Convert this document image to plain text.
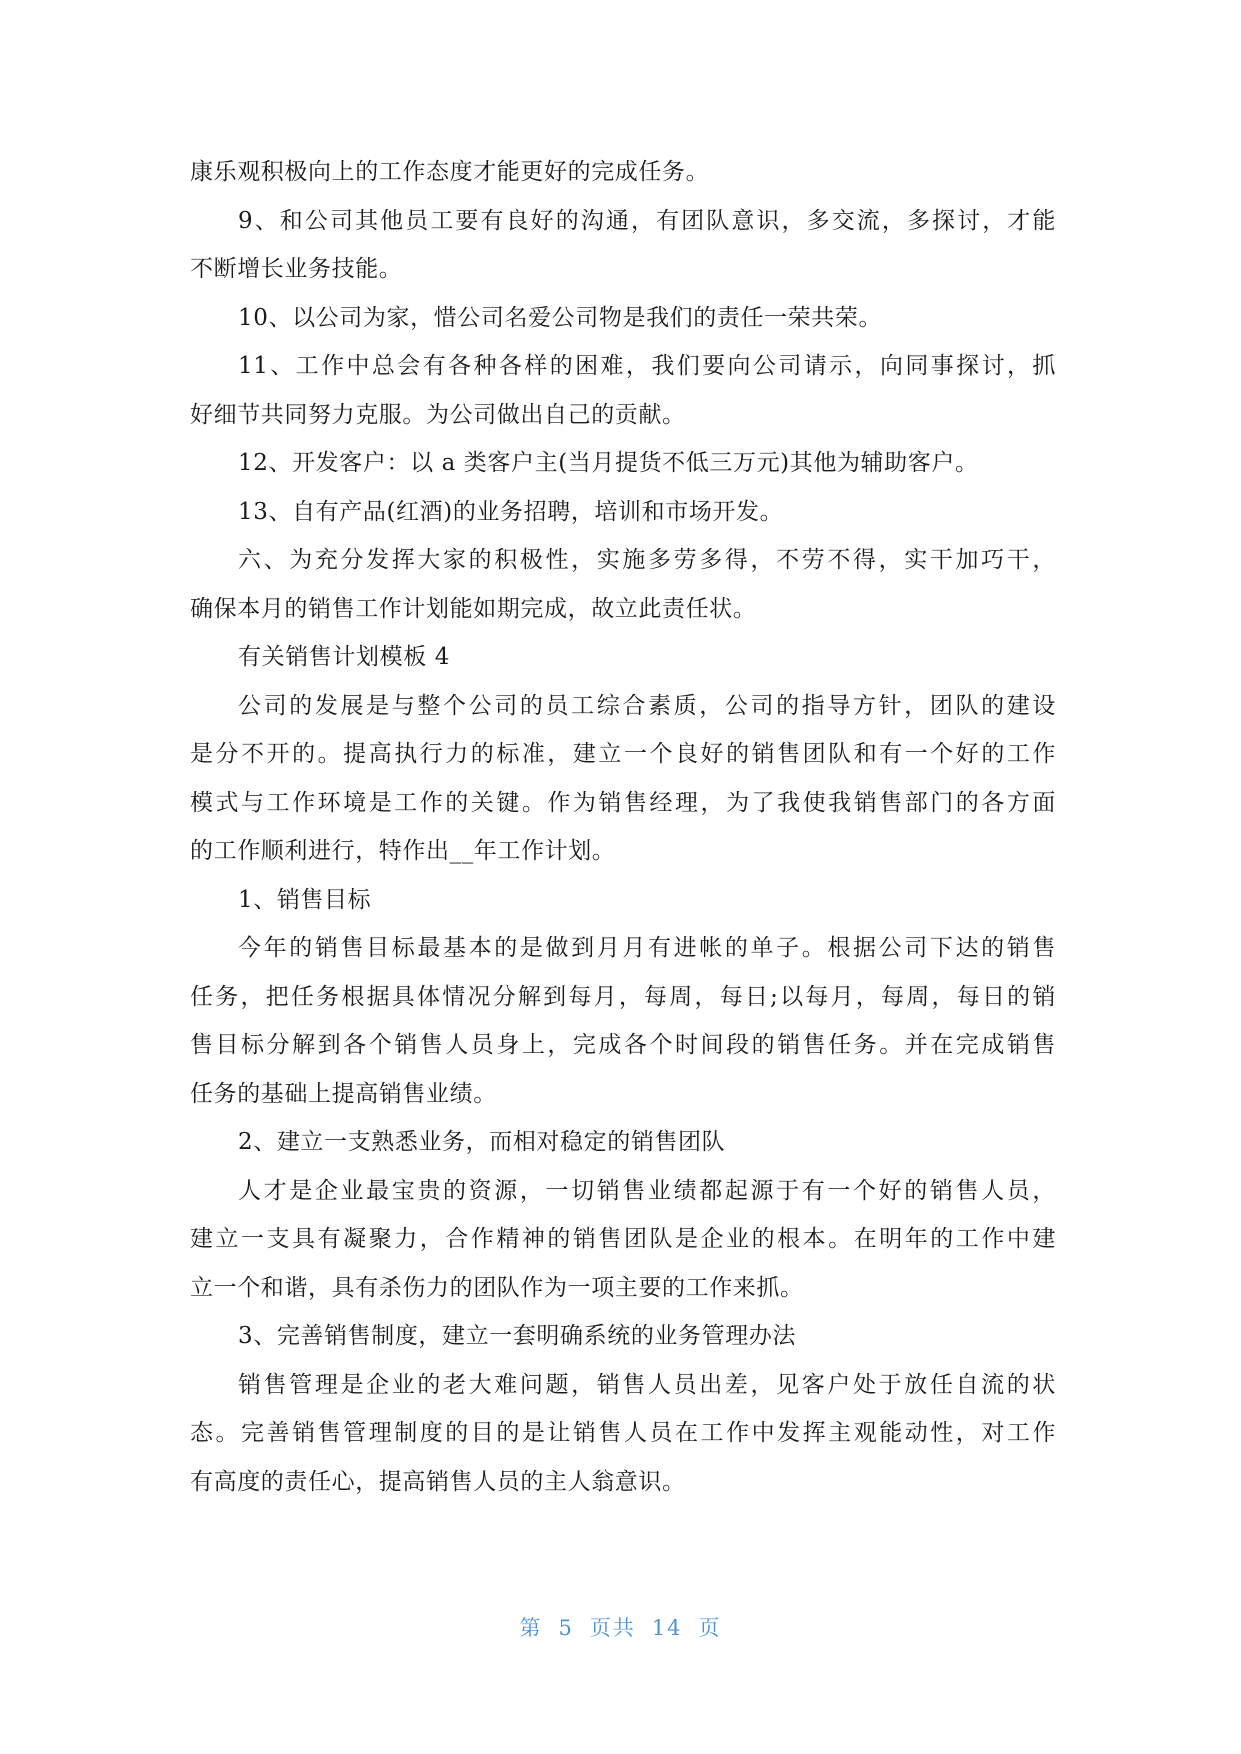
康乐观积极向上的工作态度才能更好的完成任务。
9、和公司其他员工要有良好的沟通，有团队意识，多交流，多探讨，才能
不断增长业务技能。
10、以公司为家，惜公司名爱公司物是我们的责任一荣共荣。
11、工作中总会有各种各样的困难，我们要向公司请示，向同事探讨，抓
好细节共同努力克服。为公司做出自己的贡献。
12、开发客户：以 a 类客户主(当月提货不低三万元)其他为辅助客户。
13、自有产品(红酒)的业务招聘，培训和市场开发。
六、为充分发挥大家的积极性，实施多劳多得，不劳不得，实干加巧干，
确保本月的销售工作计划能如期完成，故立此责任状。
有关销售计划模板 4
公司的发展是与整个公司的员工综合素质，公司的指导方针，团队的建设
是分不开的。提高执行力的标准，建立一个良好的销售团队和有一个好的工作
模式与工作环境是工作的关键。作为销售经理，为了我使我销售部门的各方面
的工作顺利进行，特作出__年工作计划。
1、销售目标
今年的销售目标最基本的是做到月月有进帐的单子。根据公司下达的销售
任务，把任务根据具体情况分解到每月，每周，每日;以每月，每周，每日的销
售目标分解到各个销售人员身上，完成各个时间段的销售任务。并在完成销售
任务的基础上提高销售业绩。
2、建立一支熟悉业务，而相对稳定的销售团队
人才是企业最宝贵的资源，一切销售业绩都起源于有一个好的销售人员，
建立一支具有凝聚力，合作精神的销售团队是企业的根本。在明年的工作中建
立一个和谐，具有杀伤力的团队作为一项主要的工作来抓。
3、完善销售制度，建立一套明确系统的业务管理办法
销售管理是企业的老大难问题，销售人员出差，见客户处于放任自流的状
态。完善销售管理制度的目的是让销售人员在工作中发挥主观能动性，对工作
有高度的责任心，提高销售人员的主人翁意识。
第 5 页共 14 页
